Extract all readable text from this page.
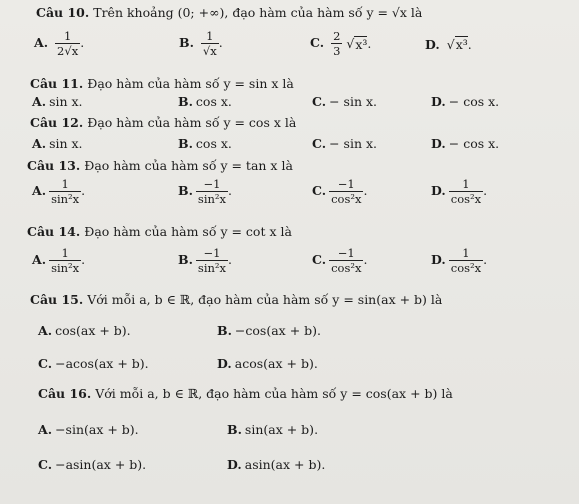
Câu 10. Trên khoảng (0; +∞), đạo hàm của hàm số y = √x là
A. $\frac{1}{2√x}$ .	B. $\frac{1}{√x}$ .	C. $\frac{2}{3} √x^3$.	D. √x³.
Câu 11. Đạo hàm của hàm số y = sin x là
A. sin x.	B. cos x.	C. − sin x.	D. − cos x.
Câu 12. Đạo hàm của hàm số y = cos x là
A. sin x.	B. cos x.	C. − sin x.	D. − cos x.
Câu 13. Đạo hàm của hàm số y = tan x là
A. $\frac{1}{\text{sin²x}}$ .	B. $\frac{-1}{\text{sin²x}}$ .	C. $\frac{-1}{\text{cos²x}}$ .	D. $\frac{1}{\text{cos²x}}$ .
Câu 14. Đạo hàm của hàm số y = cot x là
A. $\frac{1}{\text{sin²x}}$ .	B. $\frac{-1}{\text{sin²x}}$ .	C. $\frac{-1}{\text{cos²x}}$ .	D. $\frac{1}{\text{cos²x}}$ .
Câu 15. Với mỗi a, b ∈ ℝ, đạo hàm của hàm số y = sin(ax + b) là
A. cos(ax + b).	B. −cos(ax + b).
C. −acos(ax + b).	D. acos(ax + b).
Câu 16. Với mỗi a, b ∈ ℝ, đạo hàm của hàm số y = cos(ax + b) là
A. −sin(ax + b).	B. sin(ax + b).
C. −asin(ax + b).	D. asin(ax + b).
